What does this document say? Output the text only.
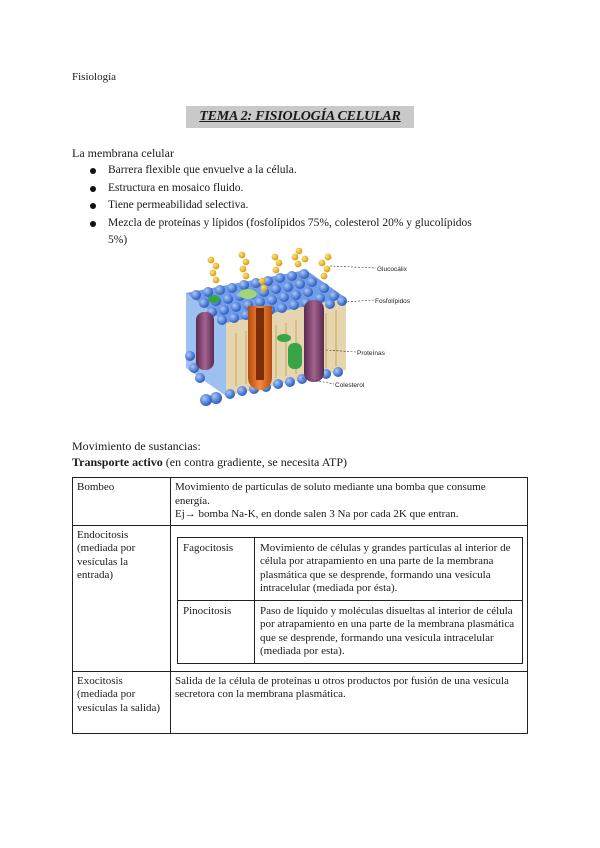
Fisiología
TEMA 2: FISIOLOGÍA CELULAR
La membrana celular
Barrera flexible que envuelve a la célula.
Estructura en mosaico fluido.
Tiene permeabilidad selectiva.
Mezcla de proteínas y lípidos (fosfolípidos 75%, colesterol 20% y glucolípidos 5%)
Glucocálix
Fosfolípidos
Proteínas
Colesterol
Movimiento de sustancias:
Transporte activo (en contra gradiente, se necesita ATP)
Bombeo	Movimiento de partículas de soluto mediante una bomba que consume energía.
Ej→ bomba Na-K, en donde salen 3 Na por cada 2K que entran.

Endocitosis (mediada por vesículas la entrada)	
Fagocitosis	Movimiento de células y grandes partículas al interior de célula por atrapamiento en una parte de la membrana plasmática que se desprende, formando una vesícula intracelular (mediada por ésta).
Pinocitosis	Paso de líquido y moléculas disueltas al interior de célula por atrapamiento en una parte de la membrana plasmática que se desprende, formando una vesícula intracelular (mediada por esta).

Exocitosis (mediada por vesículas la salida)	Salida de la célula de proteínas u otros productos por fusión de una vesícula secretora con la membrana plasmática.
